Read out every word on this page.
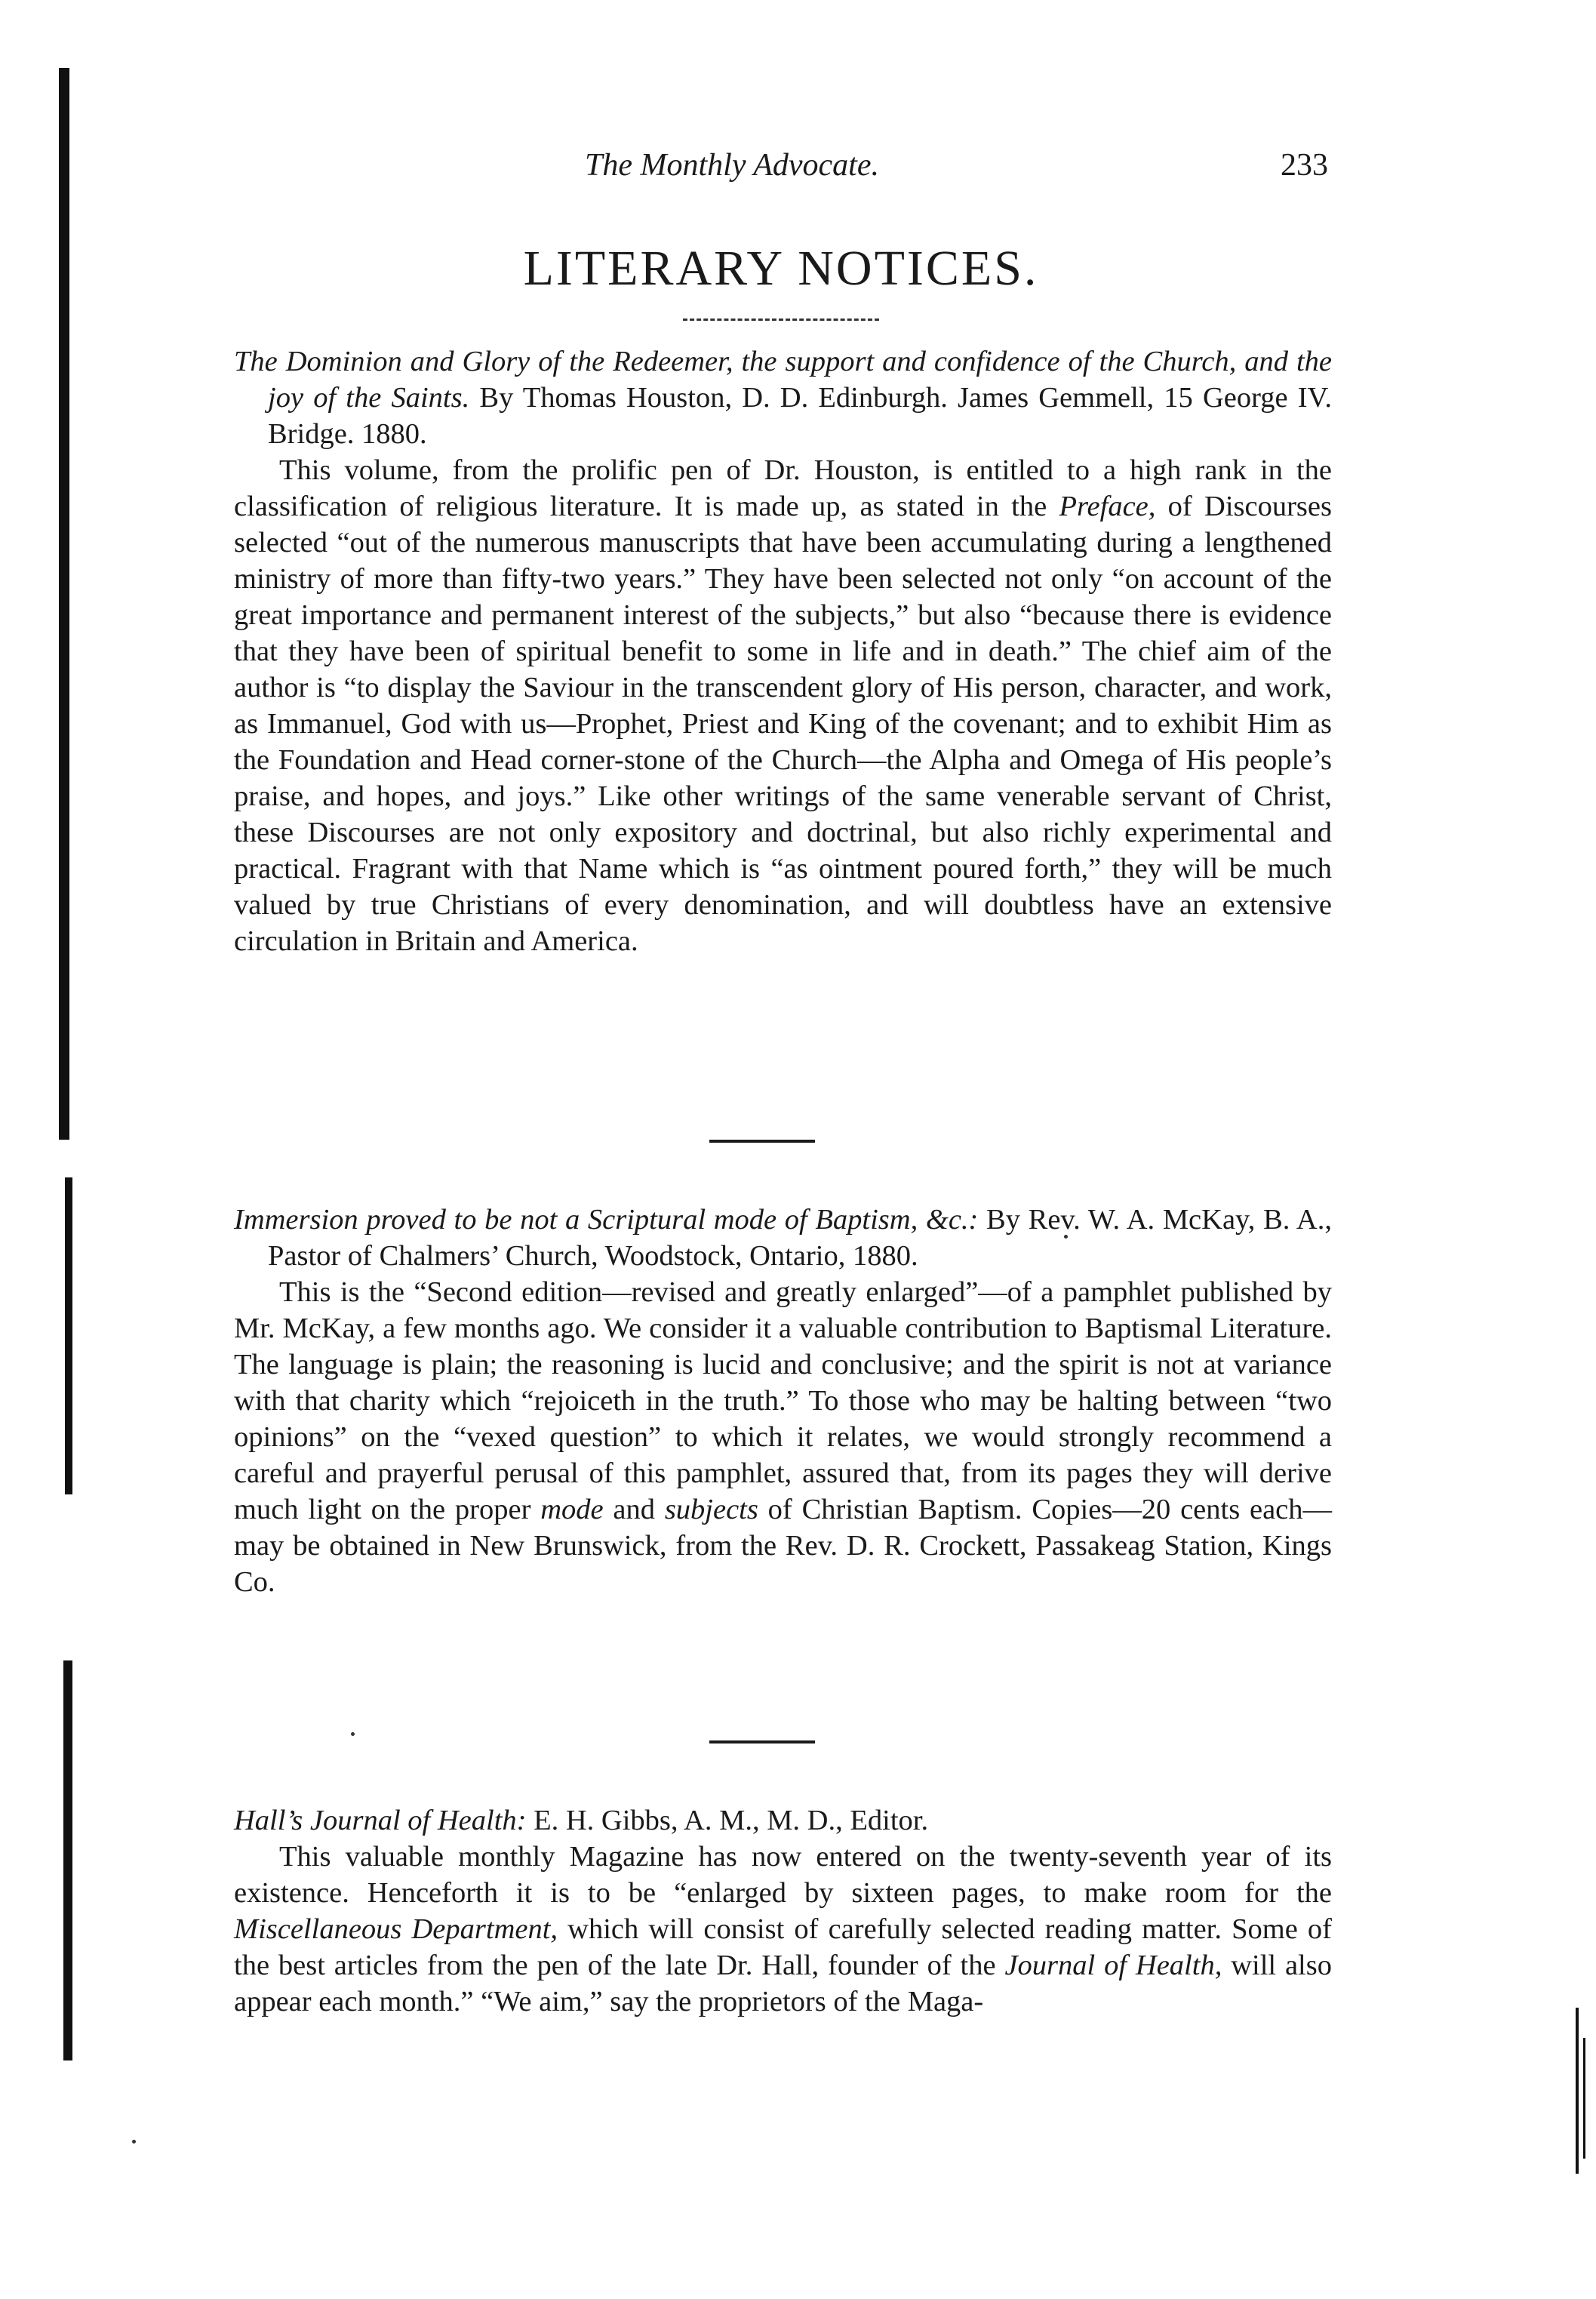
The Monthly Advocate.	233
LITERARY NOTICES.

The Dominion and Glory of the Redeemer, the support and confidence of the Church, and the joy of the Saints. By Thomas Houston, D. D. Edinburgh. James Gemmell, 15 George IV. Bridge. 1880.

This volume, from the prolific pen of Dr. Houston, is entitled to a high rank in the classification of religious literature. It is made up, as stated in the Preface, of Discourses selected “out of the numerous manuscripts that have been accumulating during a lengthened ministry of more than fifty-two years.” They have been selected not only “on account of the great importance and permanent interest of the subjects,” but also “because there is evidence that they have been of spiritual benefit to some in life and in death.” The chief aim of the author is “to display the Saviour in the transcendent glory of His person, character, and work, as Immanuel, God with us—Prophet, Priest and King of the covenant; and to exhibit Him as the Foundation and Head corner-stone of the Church—the Alpha and Omega of His people’s praise, and hopes, and joys.” Like other writings of the same venerable servant of Christ, these Discourses are not only expository and doctrinal, but also richly experimental and practical. Fragrant with that Name which is “as ointment poured forth,” they will be much valued by true Christians of every denomination, and will doubtless have an extensive circulation in Britain and America.

Immersion proved to be not a Scriptural mode of Baptism, &c.: By Rev. W. A. McKay, B. A., Pastor of Chalmers’ Church, Woodstock, Ontario, 1880.

This is the “Second edition—revised and greatly enlarged”—of a pamphlet published by Mr. McKay, a few months ago. We consider it a valuable contribution to Baptismal Literature. The language is plain; the reasoning is lucid and conclusive; and the spirit is not at variance with that charity which “rejoiceth in the truth.” To those who may be halting between “two opinions” on the “vexed question” to which it relates, we would strongly recommend a careful and prayerful perusal of this pamphlet, assured that, from its pages they will derive much light on the proper mode and subjects of Christian Baptism. Copies—20 cents each—may be obtained in New Brunswick, from the Rev. D. R. Crockett, Passakeag Station, Kings Co.

Hall’s Journal of Health: E. H. Gibbs, A. M., M. D., Editor.

This valuable monthly Magazine has now entered on the twenty-seventh year of its existence. Henceforth it is to be “enlarged by sixteen pages, to make room for the Miscellaneous Department, which will consist of carefully selected reading matter. Some of the best articles from the pen of the late Dr. Hall, founder of the Journal of Health, will also appear each month.” “We aim,” say the proprietors of the Maga-
